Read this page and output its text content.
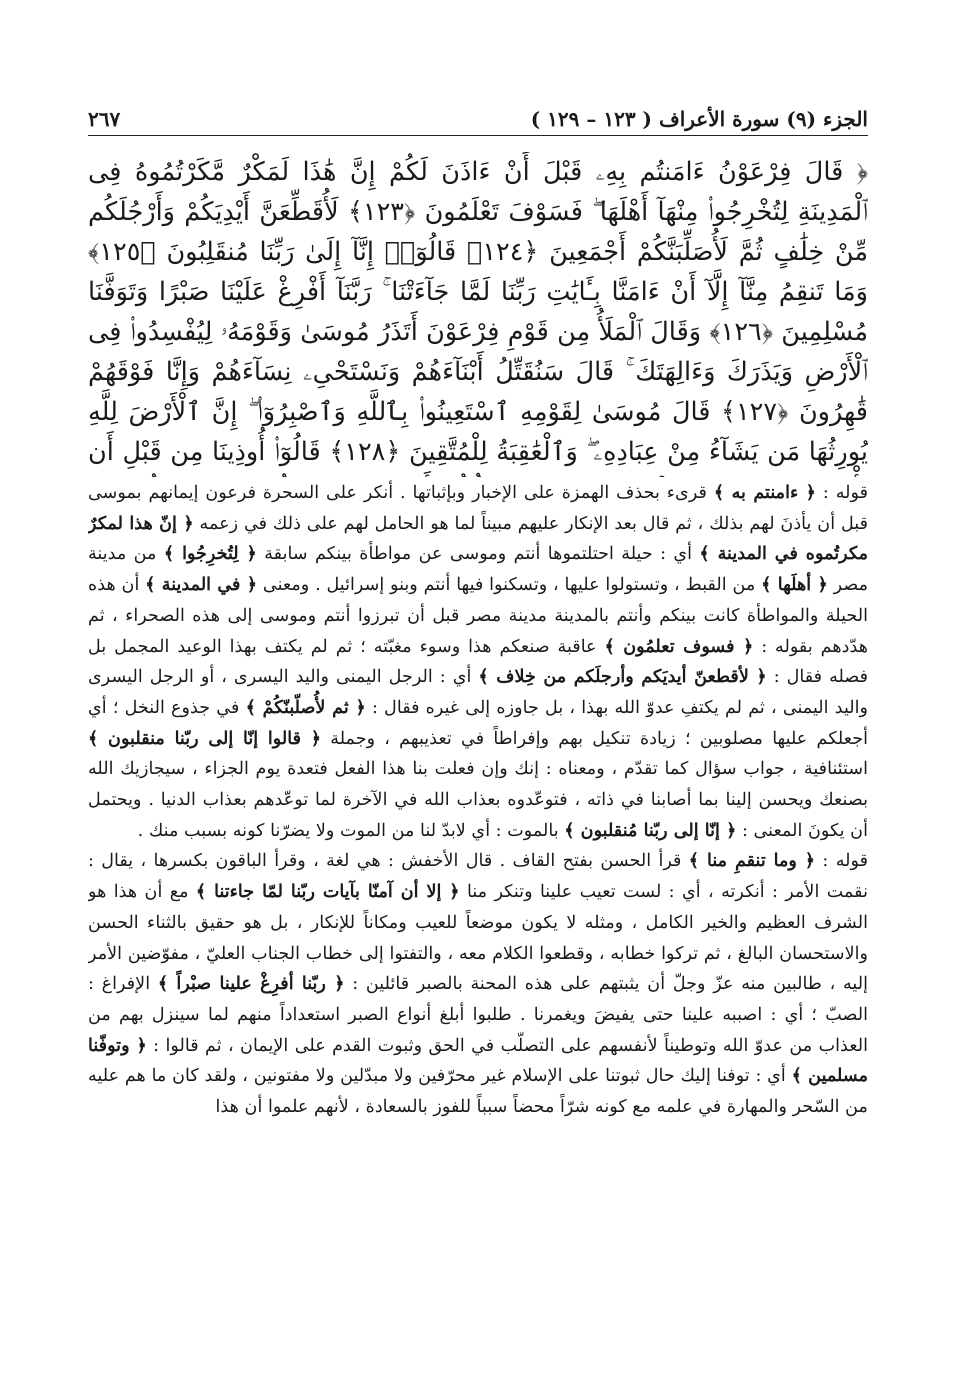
الجزء (٩) سورة الأعراف ( ١٢٣ – ١٢٩ )
٢٦٧
﴿ قَالَ فِرْعَوْنُ ءَامَنتُم بِهِۦ قَبْلَ أَنْ ءَاذَنَ لَكُمْ إِنَّ هَٰذَا لَمَكْرٌ مَّكَرْتُمُوهُ فِى ٱلْمَدِينَةِ لِتُخْرِجُوا۟ مِنْهَآ أَهْلَهَا ۖ فَسَوْفَ تَعْلَمُونَ ﴿١٢٣﴾ لَأُقَطِّعَنَّ أَيْدِيَكُمْ وَأَرْجُلَكُم مِّنْ خِلَٰفٍ ثُمَّ لَأُصَلِّبَنَّكُمْ أَجْمَعِينَ ﴿١٢٤﴾ قَالُوٓا۟ إِنَّآ إِلَىٰ رَبِّنَا مُنقَلِبُونَ ﴿١٢٥﴾ وَمَا تَنقِمُ مِنَّآ إِلَّآ أَنْ ءَامَنَّا بِـَٔايَٰتِ رَبِّنَا لَمَّا جَآءَتْنَا ۚ رَبَّنَآ أَفْرِغْ عَلَيْنَا صَبْرًا وَتَوَفَّنَا مُسْلِمِينَ ﴿١٢٦﴾ وَقَالَ ٱلْمَلَأُ مِن قَوْمِ فِرْعَوْنَ أَتَذَرُ مُوسَىٰ وَقَوْمَهُۥ لِيُفْسِدُوا۟ فِى ٱلْأَرْضِ وَيَذَرَكَ وَءَالِهَتَكَ ۚ قَالَ سَنُقَتِّلُ أَبْنَآءَهُمْ وَنَسْتَحْىِۦ نِسَآءَهُمْ وَإِنَّا فَوْقَهُمْ قَٰهِرُونَ ﴿١٢٧﴾ قَالَ مُوسَىٰ لِقَوْمِهِ ٱسْتَعِينُوا۟ بِٱللَّهِ وَٱصْبِرُوٓا۟ ۖ إِنَّ ٱلْأَرْضَ لِلَّهِ يُورِثُهَا مَن يَشَآءُ مِنْ عِبَادِهِۦ ۖ وَٱلْعَٰقِبَةُ لِلْمُتَّقِينَ ﴿١٢٨﴾ قَالُوٓا۟ أُوذِينَا مِن قَبْلِ أَن

قوله : ﴿ ءامنتم به ﴾ قرىء بحذف الهمزة على الإخبار وبإثباتها . أنكر على السحرة فرعون إيمانهم بموسى قبل أن يأذنَ لهم بذلك ، ثم قال بعد الإنكار عليهم مبيناً لما هو الحامل لهم على ذلك في زعمه ﴿ إنّ هذا لمكرٌ مكرتُموه في المدينة ﴾ أي : حيلة احتلتموها أنتم وموسى عن مواطأة بينكم سابقة ﴿ لِتُخرِجُوا ﴾ من مدينة مصر ﴿ أهلَها ﴾ من القبط ، وتستولوا عليها ، وتسكنوا فيها أنتم وبنو إسرائيل . ومعنى ﴿ في المدينة ﴾ أن هذه الحيلة والمواطأة كانت بينكم وأنتم بالمدينة مدينة مصر قبل أن تبرزوا أنتم وموسى إلى هذه الصحراء ، ثم هدّدهم بقوله : ﴿ فسوف تعلمُون ﴾ عاقبة صنعكم هذا وسوء مغبّته ؛ ثم لم يكتف بهذا الوعيد المجمل بل فصله فقال : ﴿ لأقطعنّ أيديَكم وأرجلَكم من خِلاف ﴾ أي : الرجل اليمنى واليد اليسرى ، أو الرجل اليسرى واليد اليمنى ، ثم لم يكتفِ عدوّ الله بهذا ، بل جاوزه إلى غيره فقال : ﴿ ثم لأُصلّبنّكُمْ ﴾ في جذوع النخل ؛ أي أجعلكم عليها مصلوبين ؛ زيادة تنكيل بهم وإفراطاً في تعذيبهم ، وجملة ﴿ قالوا إنّا إلى ربّنا منقلبون ﴾ استئنافية ، جواب سؤال كما تقدّم ، ومعناه : إنك وإن فعلت بنا هذا الفعل فتعدة يوم الجزاء ، سيجازيك الله بصنعك ويحسن إلينا بما أصابنا في ذاته ، فتوعّدوه بعذاب الله في الآخرة لما توعّدهم بعذاب الدنيا . ويحتمل أن يكونَ المعنى : ﴿ إنّا إلى ربّنا مُنقلبون ﴾ بالموت : أي لابدّ لنا من الموت ولا يضرّنا كونه بسبب منك .

قوله : ﴿ وما تنقمِ منا ﴾ قرأ الحسن بفتح القاف . قال الأخفش : هي لغة ، وقرأ الباقون بكسرها ، يقال : نقمت الأمر : أنكرته ، أي : لست تعيب علينا وتنكر منا ﴿ إلا أن آمنّا بآيات ربّنا لمّا جاءتنا ﴾ مع أن هذا هو الشرف العظيم والخير الكامل ، ومثله لا يكون موضعاً للعيب ومكاناً للإنكار ، بل هو حقيق بالثناء الحسن والاستحسان البالغ ، ثم تركوا خطابه ، وقطعوا الكلام معه ، والتفتوا إلى خطاب الجناب العليّ ، مفوّضين الأمر إليه ، طالبين منه عزّ وجلّ أن يثبتهم على هذه المحنة بالصبر قائلين : ﴿ ربّنا أفرِغْ علينا صبْراً ﴾ الإفراغ : الصبّ ؛ أي : اصببه علينا حتى يفيضَ ويغمرنا . طلبوا أبلغ أنواع الصبر استعداداً منهم لما سينزل بهم من العذاب من عدوّ الله وتوطيناً لأنفسهم على التصلّب في الحق وثبوت القدم على الإيمان ، ثم قالوا : ﴿ وتوفّنا مسلمين ﴾ أي : توفنا إليك حال ثبوتنا على الإسلام غير محرّفين ولا مبدّلين ولا مفتونين ، ولقد كان ما هم عليه من السّحر والمهارة في علمه مع كونه شرّاً محضاً سبباً للفوز بالسعادة ، لأنهم علموا أن هذا
